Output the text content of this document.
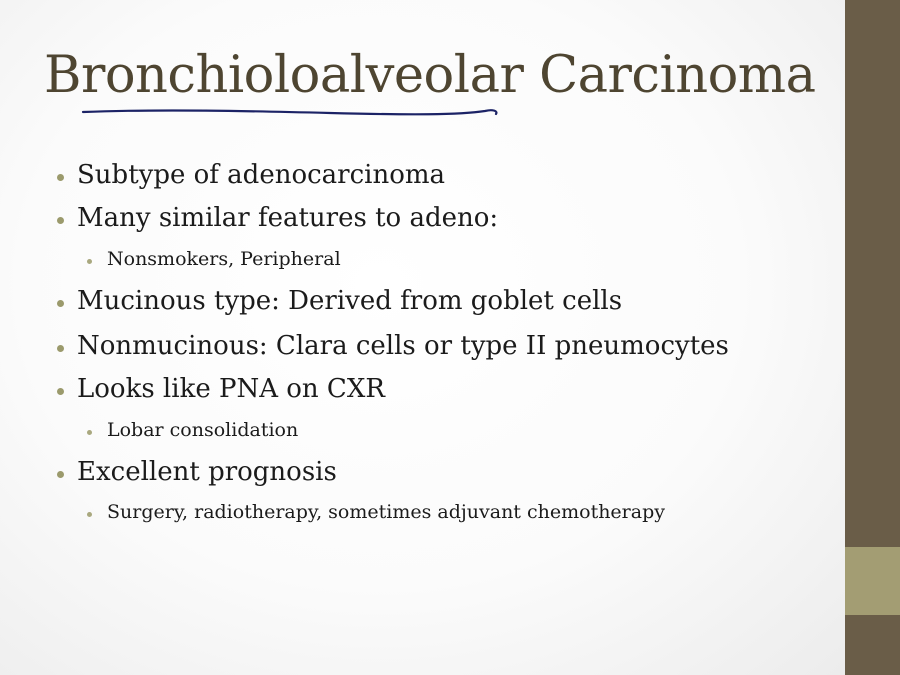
Bronchioloalveolar Carcinoma
Subtype of adenocarcinoma
Many similar features to adeno:
Nonsmokers, Peripheral
Mucinous type: Derived from goblet cells
Nonmucinous: Clara cells or type II pneumocytes
Looks like PNA on CXR
Lobar consolidation
Excellent prognosis
Surgery, radiotherapy, sometimes adjuvant chemotherapy
